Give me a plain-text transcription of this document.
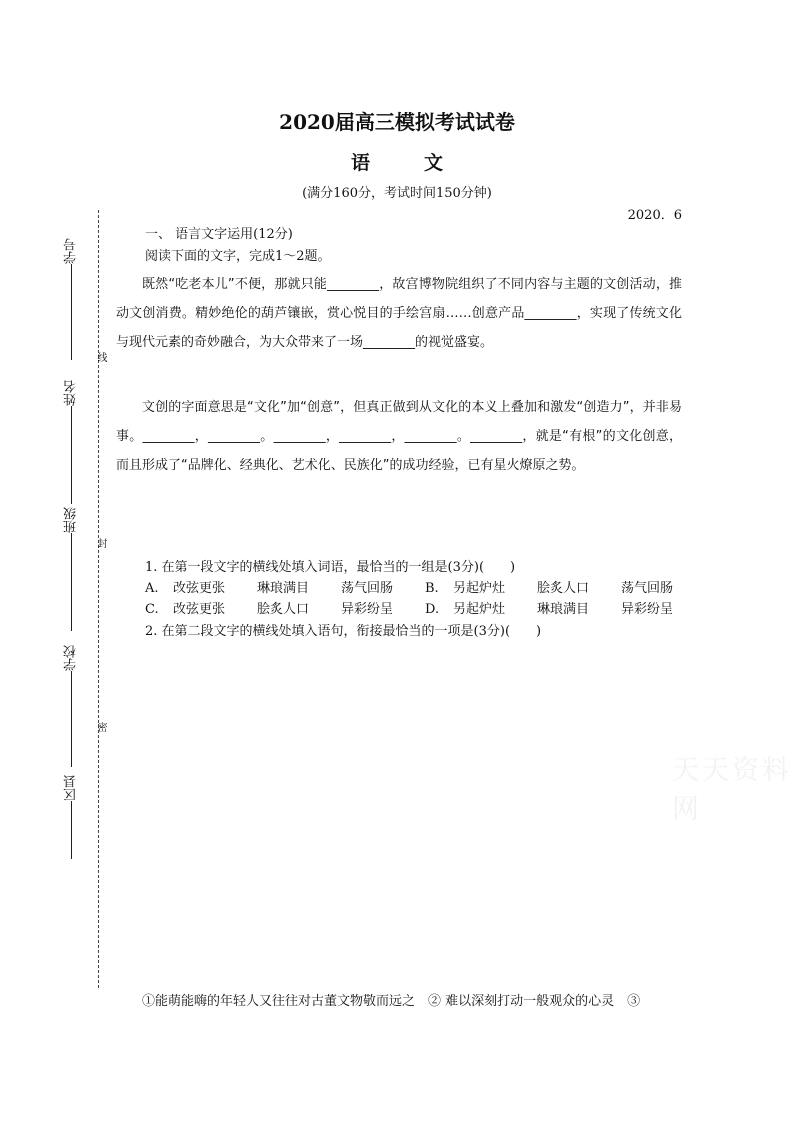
2020届高三模拟考试试卷
语文
(满分160分，考试时间150分钟)
2020．6
一、 语言文字运用(12分)
阅读下面的文字，完成1～2题。

既然“吃老本儿”不便，那就只能________，故宫博物院组织了不同内容与主题的文创活动，推动文创消费。精妙绝伦的葫芦镶嵌，赏心悦目的手绘宫扇……创意产品________，实现了传统文化与现代元素的奇妙融合，为大众带来了一场________的视觉盛宴。

文创的字面意思是“文化”加“创意”，但真正做到从文化的本义上叠加和激发“创造力”，并非易事。________，________。________，________，________。________，就是“有根”的文化创意，而且形成了“品牌化、经典化、艺术化、民族化”的成功经验，已有星火燎原之势。

1. 在第一段文字的横线处填入词语，最恰当的一组是(3分)(　　)
A. 改弦更张 琳琅满目 荡气回肠 B. 另起炉灶 脍炙人口 荡气回肠
C. 改弦更张 脍炙人口 异彩纷呈 D. 另起炉灶 琳琅满目 异彩纷呈
2. 在第二段文字的横线处填入语句，衔接最恰当的一项是(3分)(　　)
①能萌能嗨的年轻人又往往对古董文物敬而远之　② 难以深刻打动一般观众的心灵　③
学号
姓名
班级
学校
区县
线
封
密
天天资料网
